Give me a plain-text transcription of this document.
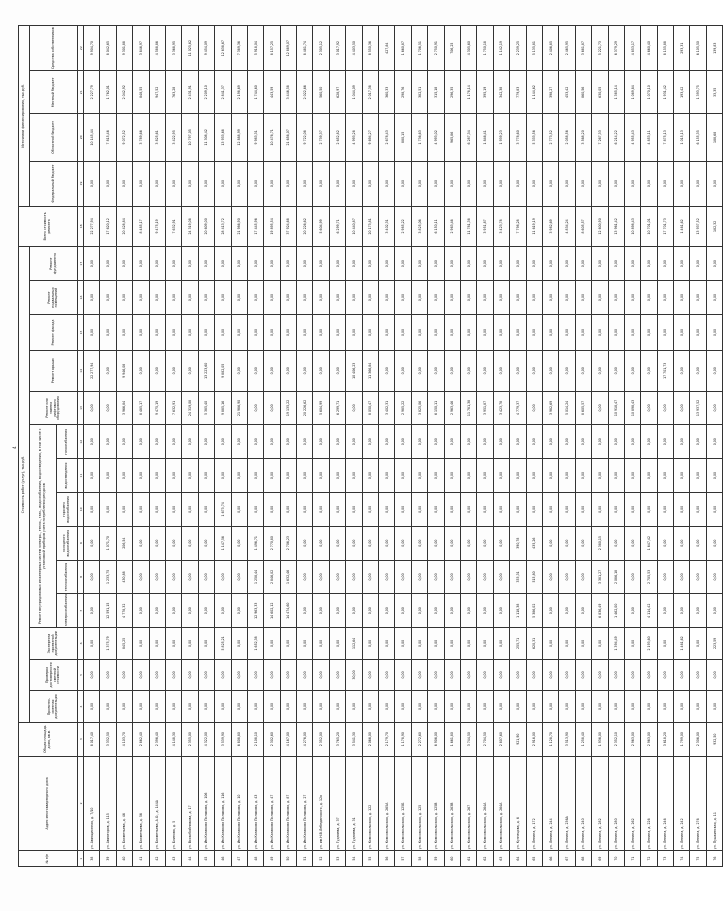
4
№ п/п	Адрес многоквартирного дома	Общая площадь дома, кв.м.	Стоимость работ (услуг), тыс.руб.														Всего стоимость ремонта	Источники финансирования, тыс.руб.			
			Проектно-сметная документация	Проверка достоверности сметной стоимости	Экспертиза проектной документации	Ремонт внутридомовых инженерных систем электро-, тепло-, газо-, водоснабжения, водоотведения, в том числе с установкой приборов учета потребления ресурсов						Ремонт или замена лифтового оборудования	Ремонт крыши	Ремонт фасада	Ремонт подвальных помещений	Ремонт фундамента		Федеральный бюджет	Областной бюджет	Местный бюджет	Средства собственников
						электроснабжения	теплоснабжения	холодного водоснабжения	горячего водоснабжения	водоотведения	газоснабжения										
1	2	3	4	5	6	7	8	9	10	11	12	13	14	15	16	17	18	19	20	21	22
38	ул. Авиационная, д. 7/10	8 017,40	0,00	0,00	0,00	0,00	0,00	0,00	0,00	0,00	0,00	0,00	22 277,94	0,00	0,00	0,00	22 277,94	0,00	10 145,44	2 227,79	9 904,70
39	ул. Авиаторов, д. 115	3 332,50	0,00	0,00	1 375,79	12 591,15	1 233,75	1 071,70	0,00	0,00	0,00	0,00	0,00	0,00	0,00	0,00	17 620,12	0,00	7 815,46	1 762,01	8 042,65
40	ул. Бахметьева, д. 46	4 103,70	0,00	0,00	845,25	4 778,32	430,88	206,54	0,00	0,00	0,00	3 966,84	9 946,08	0,00	0,00	0,00	20 428,84	0,00	9 072,52	2 042,92	9 301,88
41	ул. Бахметьева, д. 56	2 862,40	0,00	0,00	0,00	0,00	0,00	0,00	0,00	0,00	0,00	8 485,17	0,00	0,00	0,00	0,00	8 485,17	0,00	3 789,66	848,55	3 846,97
42	ул. Бахметьева, А.О., д. 144А	2 396,40	0,00	0,00	0,00	0,00	0,00	0,00	0,00	0,00	0,00	9 475,19	0,00	0,00	0,00	0,00	9 475,19	0,00	3 825,61	947,52	4 588,86
43	ул. Блинова, д. 5	4 148,30	0,00	0,00	0,00	0,00	0,00	0,00	0,00	0,00	0,00	7 632,91	0,00	0,00	0,00	0,00	7 632,91	0,00	3 422,95	763,28	3 368,95
44	ул. Воскобойникова, д. 17	2 355,00	0,00	0,00	0,00	0,00	0,00	0,00	0,00	0,00	0,00	24 319,08	0,00	0,00	0,00	0,00	24 319,08	0,00	10 797,05	2 431,91	11 025,62
45	ул. Им.Казакова Полякова, д. 106	4 322,00	0,00	0,00	0,00	0,00	0,00	0,00	0,00	0,00	0,00	5 385,40	13 223,60	0,00	0,00	0,00	20 609,00	0,00	11 308,42	2 209,10	9 454,09
46	ул. Им.Казакова Полякова, д. 116	3 539,90	0,00	0,00	5 825,21	0,00	0,00	1 147,56	1 673,74	0,00	0,00	9 885,16	9 882,05	0,00	0,00	0,00	28 413,72	0,00	13 933,68	2 841,37	12 638,67
47	ул. Им.Казакова Полякова, д. 10	6 808,80	0,00	0,00	0,00	0,00	0,00	0,00	0,00	0,00	0,00	21 986,90	0,00	0,00	0,00	0,00	21 986,90	0,00	12 888,99	2 198,69	7 389,36
48	ул. Им.Казакова Полякова, д. 43	2 108,10	0,00	0,00	1 652,38	12 963,33	1 258,44	1 496,71	0,00	0,00	0,00	0,00	0,00	0,00	0,00	0,00	17 445,96	0,00	9 983,31	1 744,60	5 918,04
49	ул. Им.Казакова Полякова, д. 47	2 302,60	0,00	0,00	0,00	14 602,12	2 846,02	2 770,80	0,00	0,00	0,00	0,00	0,00	0,00	0,00	0,00	19 895,54	0,00	10 476,71	443,59	8 157,25
50	ул. Им.Казакова Полякова, д. 87	4 167,00	0,00	0,00	0,00	14 474,60	1 632,46	2 706,23	0,00	0,00	0,00	19 135,22	0,00	0,00	0,00	0,00	37 924,68	0,00	21 656,07	3 446,58	12 889,07
51	ул. Им.Казакова Полякова, д. 27	4 276,00	0,00	0,00	0,00	0,00	0,00	0,00	0,00	0,00	0,00	20 226,62	0,00	0,00	0,00	0,00	20 226,62	0,00	9 722,08	2 022,66	8 481,74
52	ул. им.Н.В.Лебединского, д. 12а	2 352,00	0,00	0,00	0,00	0,00	0,00	0,00	0,00	0,00	0,00	5 604,99	0,00	0,00	0,00	0,00	5 604,99	0,00	2 739,37	560,50	2 305,12
53	ул. Гудзиева, д. 37	3 765,20	0,00	0,00	0,00	0,00	0,00	0,00	0,00	0,00	0,00	6 299,71	0,00	0,00	0,00	0,00	6 299,71	0,00	2 652,82	628,97	3 017,92
54	ул. Гудзиева, д. 31	3 541,30	0,00	30,00	112,64	0,00	0,00	0,00	0,00	0,00	0,00	0,00	10 406,23	0,00	0,00	0,00	10 440,87	0,00	4 993,28	1 044,09	4 403,50
55	ул. Комсомольская, д. 122	2 066,00	0,00	0,00	0,00	0,00	0,00	0,00	0,00	0,00	0,00	8 050,47	11 366,84	0,00	0,00	0,00	20 173,81	0,00	9 694,27	2 017,38	8 550,36
56	ул. Комсомольская, д. 265А	2 179,70	0,00	0,00	0,00	0,00	0,00	0,00	0,00	0,00	0,00	3 402,31	0,00	0,00	0,00	0,00	3 402,31	0,00	2 678,43	360,33	427,84
57	ул. Комсомольская, д. 125Б	1 178,90	0,00	0,00	0,00	0,00	0,00	0,00	0,00	0,00	0,00	2 985,22	0,00	0,00	0,00	0,00	2 985,22	0,00	880,15	298,76	1 660,87
58	ул. Комсомольская, д. 125	2 272,60	0,00	0,00	0,00	0,00	0,00	0,00	0,00	0,00	0,00	3 825,06	0,00	0,00	0,00	0,00	3 825,06	0,00	1 736,63	382,51	1 706,51
59	ул. Комсомольская, д. 125В	6 906,00	0,00	0,00	0,00	0,00	0,00	0,00	0,00	0,00	0,00	6 150,11	0,00	0,00	0,00	0,00	6 150,11	0,00	4 993,02	315,18	2 750,91
60	ул. Комсомольская, д. 263В	1 661,80	0,00	0,00	0,00	0,00	0,00	0,00	0,00	0,00	0,00	2 963,46	0,00	0,00	0,00	0,00	2 963,46	0,00	965,86	296,35	706,25
61	ул. Комсомольская, д. 267	3 744,50	0,00	0,00	0,00	0,00	0,00	0,00	0,00	0,00	0,00	11 781,38	0,00	0,00	0,00	0,00	11 781,38	0,00	6 287,34	1 178,14	4 305,60
62	ул. Комсомольская, д. 264А	2 704,50	0,00	0,00	0,00	0,00	0,00	0,00	0,00	0,00	0,00	3 951,87	0,00	0,00	0,00	0,00	3 951,87	0,00	1 846,41	395,19	1 750,18
63	ул. Комсомольская, д. 264А	2 807,60	0,00	0,00	0,00	0,00	0,00	0,00	0,00	0,00	0,00	3 423,78	0,00	0,00	0,00	0,00	3 423,78	0,00	1 939,23	342,38	1 142,19
64	ул. Кузнецова, д. 6	921,90	0,00	0,00	255,71	1 118,38	333,31	390,78	0,00	0,00	0,00	4 779,37	0,00	0,00	0,00	0,00	7 798,28	0,00	3 778,60	779,83	2 239,25
65	ул. Ленина, д. 172	2 916,00	0,00	0,00	620,31	5 386,02	515,80	435,26	0,00	0,00	0,00	0,00	0,00	0,00	0,00	0,00	11 619,19	0,00	5 333,56	1 144,62	5 135,81
66	ул. Ленина, д. 244	1 128,70	0,00	0,00	0,00	0,00	0,00	0,00	0,00	0,00	0,00	3 982,69	0,00	0,00	0,00	0,00	3 982,69	0,00	2 773,52	398,27	2 406,85
67	ул. Ленина, д. 236А	3 513,90	0,00	0,00	0,00	0,00	0,00	0,00	0,00	0,00	0,00	5 014,24	0,00	0,00	0,00	0,00	4 834,24	0,00	2 058,56	453,42	2 465,95
68	ул. Ленина, д. 240	1 258,40	0,00	0,00	0,00	0,00	0,00	0,00	0,00	0,00	0,00	8 605,57	0,00	0,00	0,00	0,00	8 605,57	0,00	3 568,20	860,56	3 681,87
69	ул. Ленина, д. 282	1 936,00	0,00	0,00	0,00	6 836,49	3 381,27	2 380,15	0,00	0,00	0,00	0,00	0,00	0,00	0,00	0,00	12 600,90	0,00	7 267,33	630,05	5 221,73
70	ул. Ленина, д. 280	2 352,10	0,00	0,00	1 394,49	1 462,00	2 086,18	0,00	0,00	0,00	0,00	10 918,47	0,00	0,00	0,00	0,00	13 961,42	0,00	6 214,22	1 385,14	6 379,29
71	ул. Ленина, д. 262	2 963,00	0,00	0,00	0,00	0,00	0,00	0,00	0,00	0,00	0,00	10 898,43	0,00	0,00	0,00	0,00	10 898,43	0,00	4 955,43	1 089,84	4 853,17
72	ул. Ленина, д. 226	2 963,00	0,00	0,00	2 193,60	4 114,42	2 705,53	1 647,42	0,00	0,00	0,00	0,00	0,00	0,00	0,00	0,00	10 701,01	0,00	4 853,11	1 070,10	4 660,40
73	ул. Ленина, д. 246	3 618,20	0,00	0,00	0,00	0,00	0,00	0,00	0,00	0,00	0,00	0,00	17 701,73	0,00	0,00	0,00	17 701,73	0,00	7 875,13	1 931,42	8 155,88
74	ул. Ленина, д. 242	1 799,00	0,00	0,00	1 461,62	0,00	0,00	0,00	0,00	0,00	0,00	0,00	0,00	0,00	0,00	0,00	1 461,62	0,00	1 015,13	193,42	293,31
75	ул. Ленина, д. 276	2 306,00	0,00	0,00	0,00	0,00	0,00	0,00	0,00	0,00	0,00	13 937,52	0,00	0,00	0,00	0,00	13 937,52	0,00	6 155,35	1 393,75	6 105,50
76	ул. Пушкинская, д. 11	932,50	0,00	0,00	223,59	0,00	0,00	0,00	0,00	0,00	0,00	0,00	0,00	0,00	0,00	0,00	182,32	0,00	188,68	33,35	139,83
